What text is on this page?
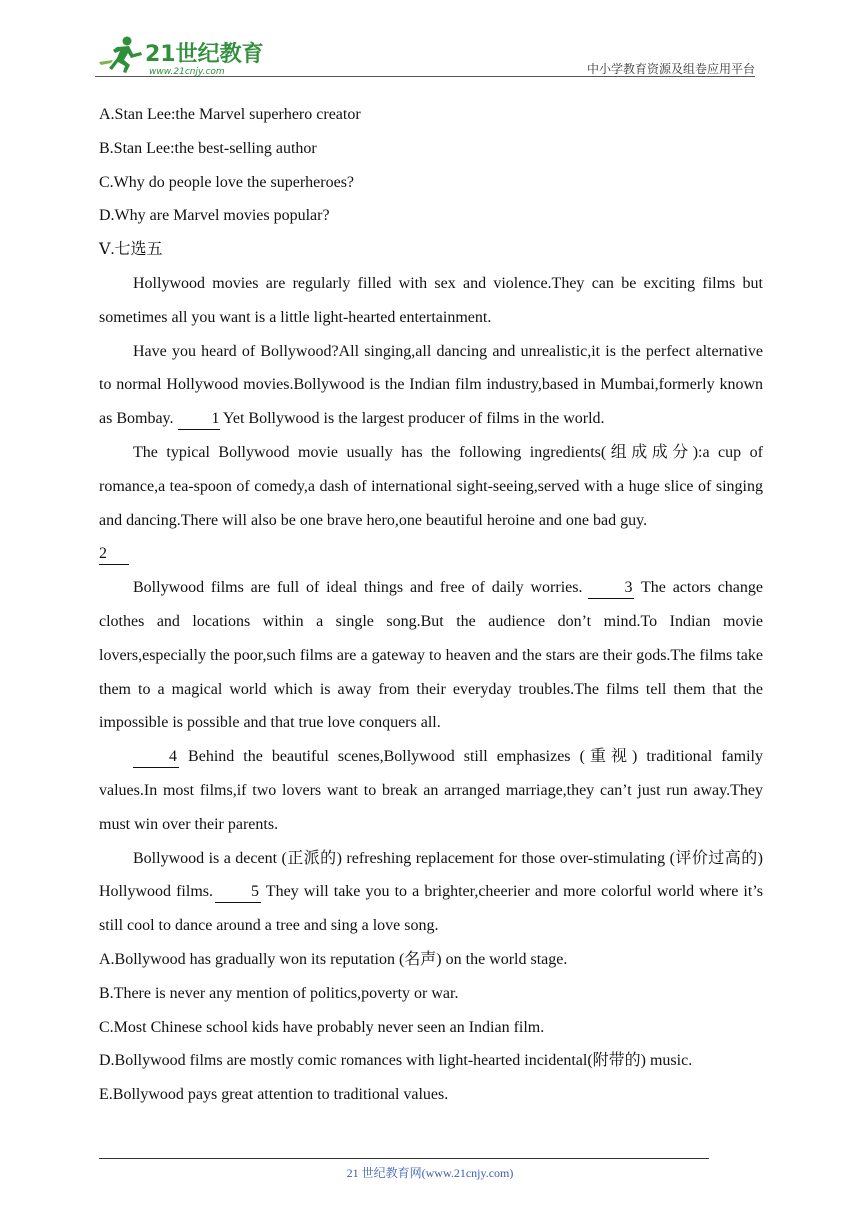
21世纪教育
www.21cnjy.com	中小学教育资源及组卷应用平台
A.Stan Lee:the Marvel superhero creator
B.Stan Lee:the best-selling author
C.Why do people love the superheroes?
D.Why are Marvel movies popular?
Ⅴ.七选五
Hollywood movies are regularly filled with sex and violence.They can be exciting films but sometimes all you want is a little light-hearted entertainment.
Have you heard of Bollywood?All singing,all dancing and unrealistic,it is the perfect alternative to normal Hollywood movies.Bollywood is the Indian film industry,based in Mumbai,formerly known as Bombay. 1 Yet Bollywood is the largest producer of films in the world.
The typical Bollywood movie usually has the following ingredients(组成成分):a cup of romance,a tea-spoon of comedy,a dash of international sight-seeing,served with a huge slice of singing and dancing.There will also be one brave hero,one beautiful heroine and one bad guy.
2
Bollywood films are full of ideal things and free of daily worries.	3 The actors change clothes and locations within a single song.But the audience don’t mind.To Indian movie lovers,especially the poor,such films are a gateway to heaven and the stars are their gods.The films take them to a magical world which is away from their everyday troubles.The films tell them that the impossible is possible and that true love conquers all.
4 Behind the beautiful scenes,Bollywood still emphasizes (重视) traditional family values.In most films,if two lovers want to break an arranged marriage,they can’t just run away.They must win over their parents.
Bollywood is a decent (正派的) refreshing replacement for those over-stimulating (评价过高的) Hollywood films. 5 They will take you to a brighter,cheerier and more colorful world where it’s still cool to dance around a tree and sing a love song.
A.Bollywood has gradually won its reputation (名声) on the world stage.
B.There is never any mention of politics,poverty or war.
C.Most Chinese school kids have probably never seen an Indian film.
D.Bollywood films are mostly comic romances with light-hearted incidental(附带的) music.
E.Bollywood pays great attention to traditional values.
21 世纪教育网(www.21cnjy.com)
